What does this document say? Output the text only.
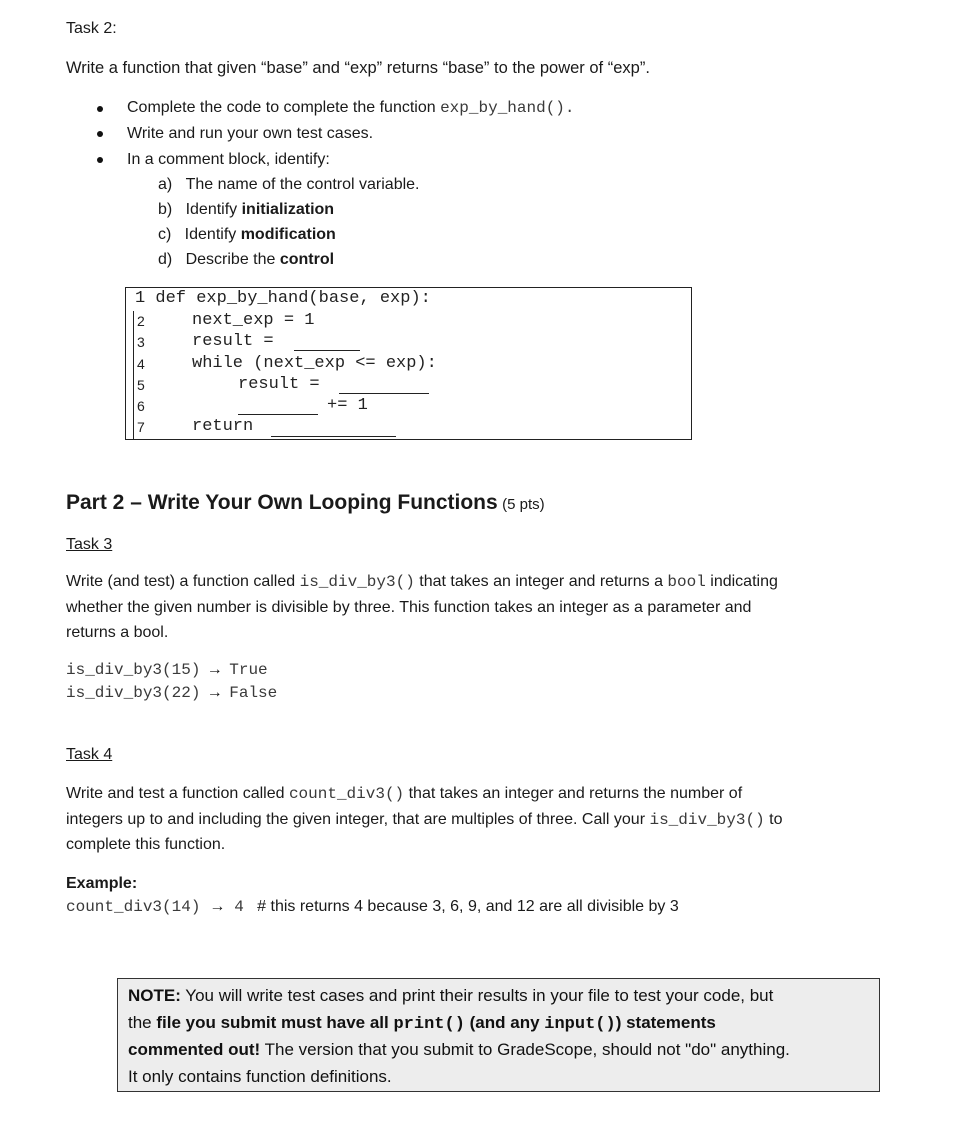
Task 2:
Write a function that given “base” and “exp” returns “base” to the power of “exp”.
Complete the code to complete the function exp_by_hand().
Write and run your own test cases.
In a comment block, identify:
a) The name of the control variable.
b) Identify initialization
c) Identify modification
d) Describe the control
1 def exp_by_hand(base, exp):
2	next_exp = 1
3	result =
4	while (next_exp <= exp):
5	result =
6	+= 1
7	return
Part 2 – Write Your Own Looping Functions (5 pts)
Task 3
Write (and test) a function called is_div_by3() that takes an integer and returns a bool indicating
whether the given number is divisible by three. This function takes an integer as a parameter and
returns a bool.
is_div_by3(15) → True
is_div_by3(22) → False
Task 4
Write and test a function called count_div3() that takes an integer and returns the number of
integers up to and including the given integer, that are multiples of three. Call your is_div_by3() to
complete this function.
Example:
count_div3(14) → 4 # this returns 4 because 3, 6, 9, and 12 are all divisible by 3
NOTE: You will write test cases and print their results in your file to test your code, but
the file you submit must have all print() (and any input()) statements
commented out! The version that you submit to GradeScope, should not "do" anything.
It only contains function definitions.
